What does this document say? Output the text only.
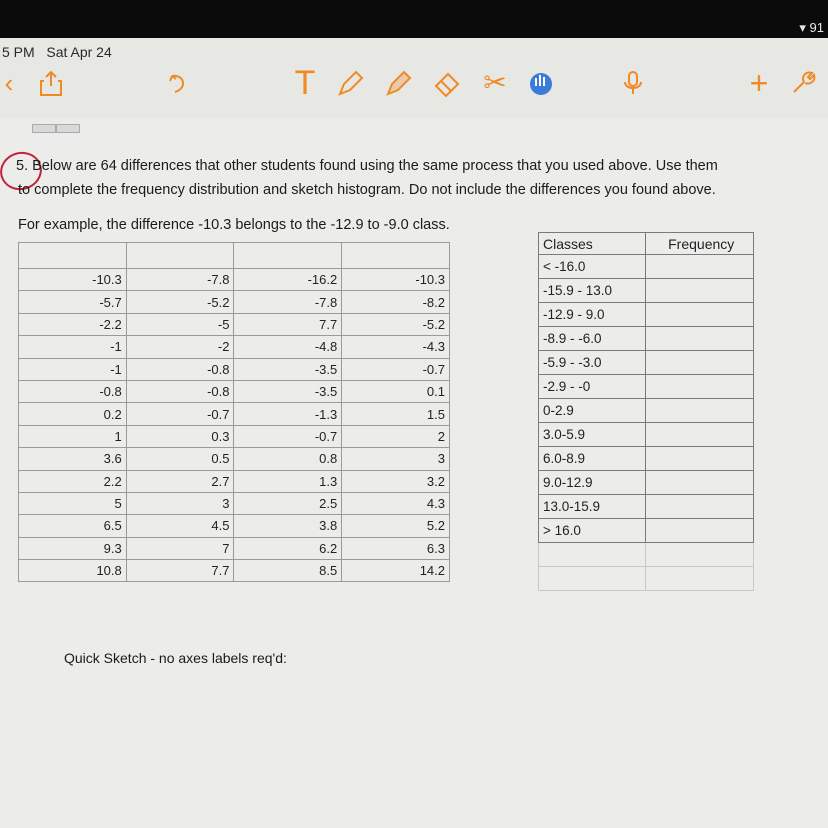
5 PM Sat Apr 24
▾ 91
‹	T	✂	+
5. Below are 64 differences that other students found using the same process that you used above. Use them
to complete the frequency distribution and sketch histogram. Do not include the differences you found above.
For example, the difference -10.3 belongs to the -12.9 to -9.0 class.

-10.3	-7.8	-16.2	-10.3
-5.7	-5.2	-7.8	-8.2
-2.2	-5	7.7	-5.2
-1	-2	-4.8	-4.3
-1	-0.8	-3.5	-0.7
-0.8	-0.8	-3.5	0.1
0.2	-0.7	-1.3	1.5
1	0.3	-0.7	2
3.6	0.5	0.8	3
2.2	2.7	1.3	3.2
5	3	2.5	4.3
6.5	4.5	3.8	5.2
9.3	7	6.2	6.3
10.8	7.7	8.5	14.2
Classes	Frequency
< -16.0	
-15.9 - 13.0	
-12.9 - 9.0	
-8.9 - -6.0	
-5.9 - -3.0	
-2.9 - -0	
0-2.9	
3.0-5.9	
6.0-8.9	
9.0-12.9	
13.0-15.9	
> 16.0	

Quick Sketch - no axes labels req'd:
